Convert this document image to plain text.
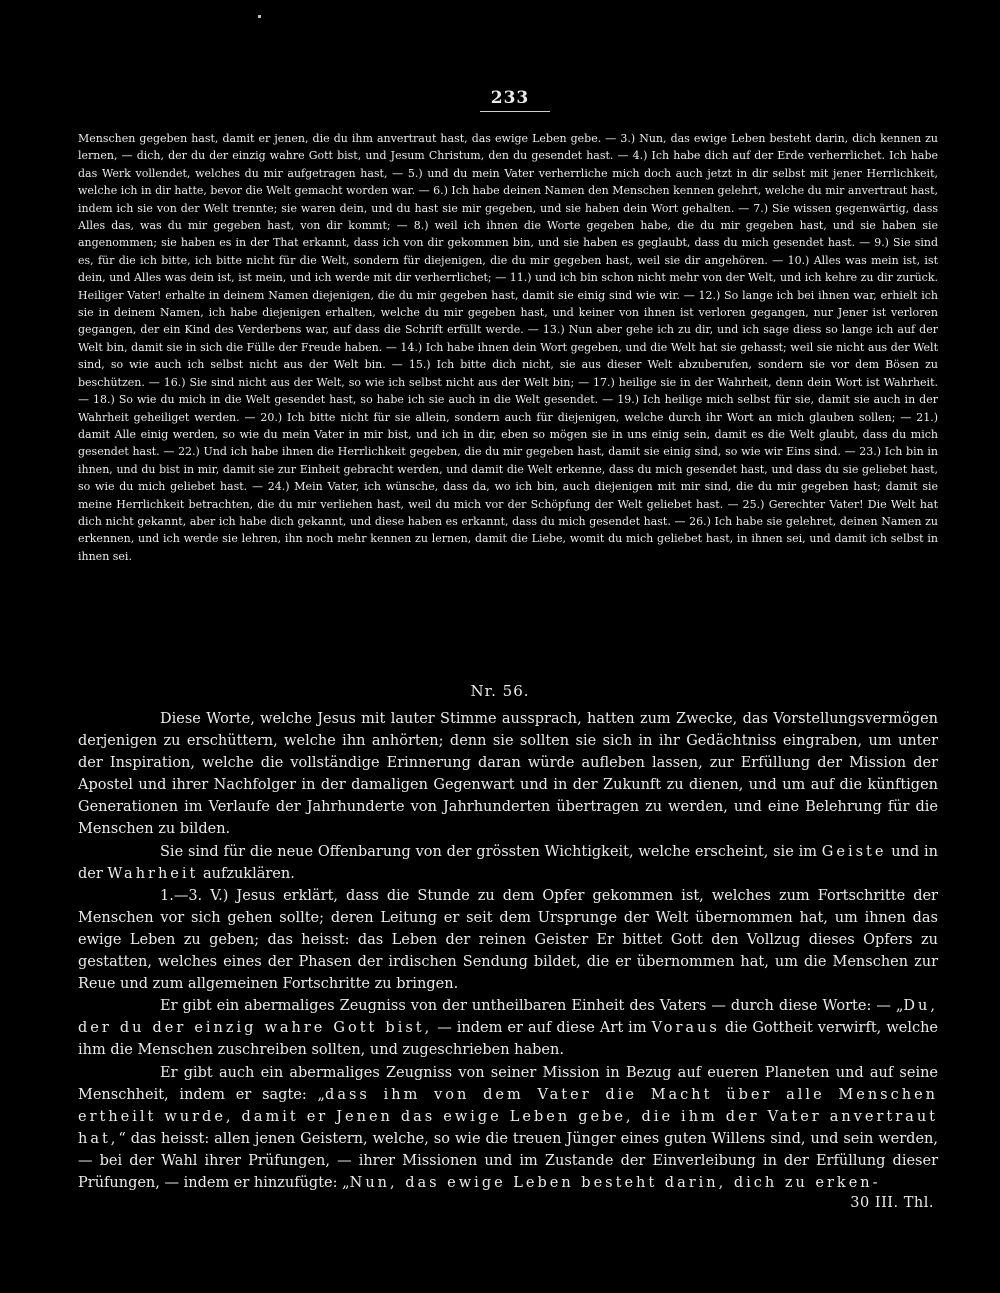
233

Menschen gegeben hast, damit er jenen, die du ihm anvertraut hast, das ewige Leben gebe. — 3.) Nun, das ewige Leben besteht darin, dich kennen zu lernen, — dich, der du der einzig wahre Gott bist, und Jesum Christum, den du gesendet hast. — 4.) Ich habe dich auf der Erde verherrlichet. Ich habe das Werk vollendet, welches du mir aufgetragen hast, — 5.) und du mein Vater verherrliche mich doch auch jetzt in dir selbst mit jener Herrlichkeit, welche ich in dir hatte, bevor die Welt gemacht worden war. — 6.) Ich habe deinen Namen den Menschen kennen gelehrt, welche du mir anvertraut hast, indem ich sie von der Welt trennte; sie waren dein, und du hast sie mir gegeben, und sie haben dein Wort gehalten. — 7.) Sie wissen gegenwärtig, dass Alles das, was du mir gegeben hast, von dir kommt; — 8.) weil ich ihnen die Worte gegeben habe, die du mir gegeben hast, und sie haben sie angenommen; sie haben es in der That erkannt, dass ich von dir gekommen bin, und sie haben es geglaubt, dass du mich gesendet hast. — 9.) Sie sind es, für die ich bitte, ich bitte nicht für die Welt, sondern für diejenigen, die du mir gegeben hast, weil sie dir angehören. — 10.) Alles was mein ist, ist dein, und Alles was dein ist, ist mein, und ich werde mit dir verherrlichet; — 11.) und ich bin schon nicht mehr von der Welt, und ich kehre zu dir zurück. Heiliger Vater! erhalte in deinem Namen diejenigen, die du mir gegeben hast, damit sie einig sind wie wir. — 12.) So lange ich bei ihnen war, erhielt ich sie in deinem Namen, ich habe diejenigen erhalten, welche du mir gegeben hast, und keiner von ihnen ist verloren gegangen, nur Jener ist verloren gegangen, der ein Kind des Verderbens war, auf dass die Schrift erfüllt werde. — 13.) Nun aber gehe ich zu dir, und ich sage diess so lange ich auf der Welt bin, damit sie in sich die Fülle der Freude haben. — 14.) Ich habe ihnen dein Wort gegeben, und die Welt hat sie gehasst; weil sie nicht aus der Welt sind, so wie auch ich selbst nicht aus der Welt bin. — 15.) Ich bitte dich nicht, sie aus dieser Welt abzuberufen, sondern sie vor dem Bösen zu beschützen. — 16.) Sie sind nicht aus der Welt, so wie ich selbst nicht aus der Welt bin; — 17.) heilige sie in der Wahrheit, denn dein Wort ist Wahrheit. — 18.) So wie du mich in die Welt gesendet hast, so habe ich sie auch in die Welt gesendet. — 19.) Ich heilige mich selbst für sie, damit sie auch in der Wahrheit geheiliget werden. — 20.) Ich bitte nicht für sie allein, sondern auch für diejenigen, welche durch ihr Wort an mich glauben sollen; — 21.) damit Alle einig werden, so wie du mein Vater in mir bist, und ich in dir, eben so mögen sie in uns einig sein, damit es die Welt glaubt, dass du mich gesendet hast. — 22.) Und ich habe ihnen die Herrlichkeit gegeben, die du mir gegeben hast, damit sie einig sind, so wie wir Eins sind. — 23.) Ich bin in ihnen, und du bist in mir, damit sie zur Einheit gebracht werden, und damit die Welt erkenne, dass du mich gesendet hast, und dass du sie geliebet hast, so wie du mich geliebet hast. — 24.) Mein Vater, ich wünsche, dass da, wo ich bin, auch diejenigen mit mir sind, die du mir gegeben hast; damit sie meine Herrlichkeit betrachten, die du mir verliehen hast, weil du mich vor der Schöpfung der Welt geliebet hast. — 25.) Gerechter Vater! Die Welt hat dich nicht gekannt, aber ich habe dich gekannt, und diese haben es erkannt, dass du mich gesendet hast. — 26.) Ich habe sie gelehret, deinen Namen zu erkennen, und ich werde sie lehren, ihn noch mehr kennen zu lernen, damit die Liebe, womit du mich geliebet hast, in ihnen sei, und damit ich selbst in ihnen sei.

Nr. 56.

Diese Worte, welche Jesus mit lauter Stimme aussprach, hatten zum Zwecke, das Vorstellungsvermögen derjenigen zu erschüttern, welche ihn anhörten; denn sie sollten sie sich in ihr Gedächtniss eingraben, um unter der Inspiration, welche die vollständige Erinnerung daran würde aufleben lassen, zur Erfüllung der Mission der Apostel und ihrer Nachfolger in der damaligen Gegenwart und in der Zukunft zu dienen, und um auf die künftigen Generationen im Verlaufe der Jahrhunderte von Jahrhunderten übertragen zu werden, und eine Belehrung für die Menschen zu bilden.

Sie sind für die neue Offenbarung von der grössten Wichtigkeit, welche erscheint, sie im Geiste und in der Wahrheit aufzuklären.

1.—3. V.) Jesus erklärt, dass die Stunde zu dem Opfer gekommen ist, welches zum Fortschritte der Menschen vor sich gehen sollte; deren Leitung er seit dem Ursprunge der Welt übernommen hat, um ihnen das ewige Leben zu geben; das heisst: das Leben der reinen Geister Er bittet Gott den Vollzug dieses Opfers zu gestatten, welches eines der Phasen der irdischen Sendung bildet, die er übernommen hat, um die Menschen zur Reue und zum allgemeinen Fortschritte zu bringen.

Er gibt ein abermaliges Zeugniss von der untheilbaren Einheit des Vaters — durch diese Worte: — „Du, der du der einzig wahre Gott bist, — indem er auf diese Art im Voraus die Gottheit verwirft, welche ihm die Menschen zuschreiben sollten, und zugeschrieben haben.

Er gibt auch ein abermaliges Zeugniss von seiner Mission in Bezug auf eueren Planeten und auf seine Menschheit, indem er sagte: „dass ihm von dem Vater die Macht über alle Menschen ertheilt wurde, damit er Jenen das ewige Leben gebe, die ihm der Vater anvertraut hat,“ das heisst: allen jenen Geistern, welche, so wie die treuen Jünger eines guten Willens sind, und sein werden, — bei der Wahl ihrer Prüfungen, — ihrer Missionen und im Zustande der Einverleibung in der Erfüllung dieser Prüfungen, — indem er hinzufügte: „Nun, das ewige Leben besteht darin, dich zu erken-

30 III. Thl.
